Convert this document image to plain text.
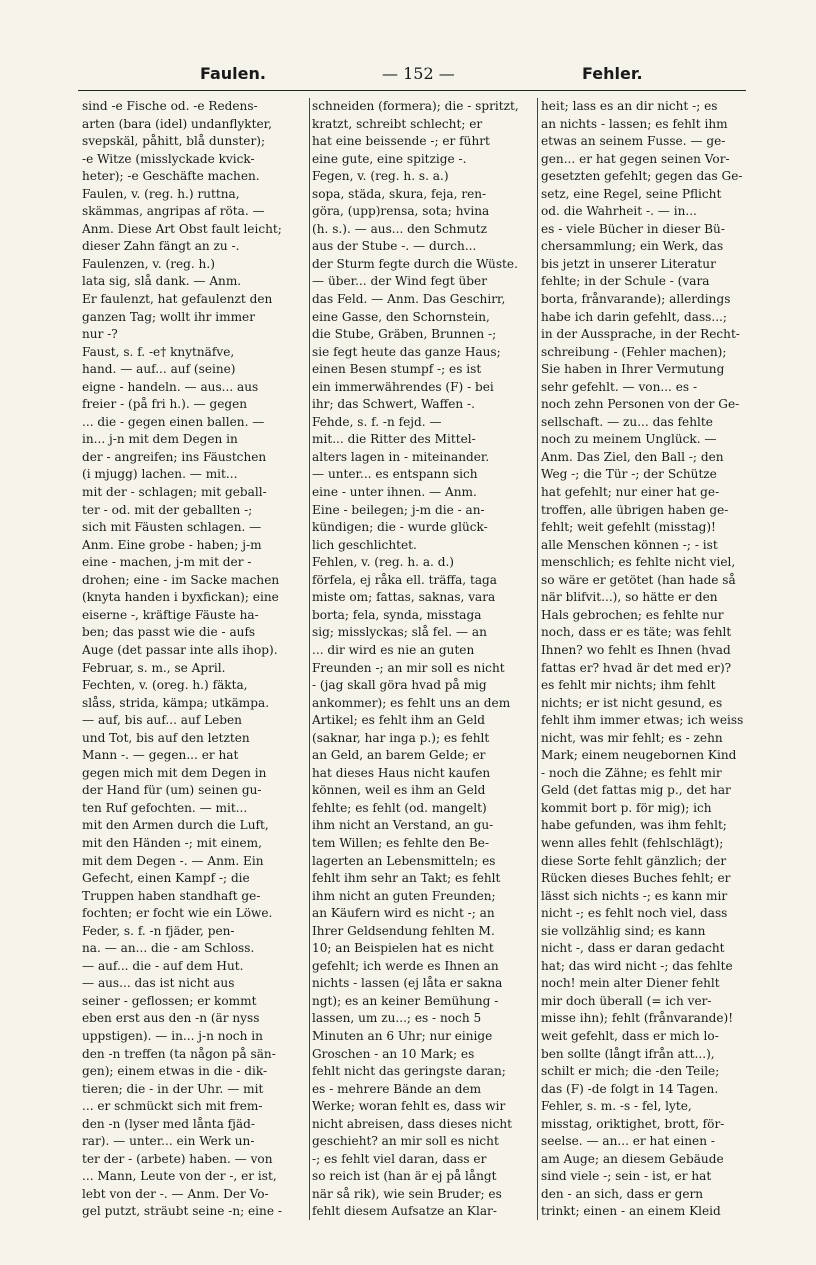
Faulen.	— 152 —	Fehler.

sind -e Fische od. -e Redens-
arten (bara (idel) undanflykter,
svepskäl, påhitt, blå dunster);
-e Witze (misslyckade kvick-
heter); -e Geschäfte machen.
Faulen, v. (reg. h.) ruttna,
skämmas, angripas af röta. —
Anm. Diese Art Obst fault leicht;
dieser Zahn fängt an zu -.
Faulenzen, v. (reg. h.)
lata sig, slå dank. — Anm.
Er faulenzt, hat gefaulenzt den
ganzen Tag; wollt ihr immer
nur -?
Faust, s. f. -e† knytnäfve,
hand. — auf... auf (seine)
eigne - handeln. — aus... aus
freier - (på fri h.). — gegen
... die - gegen einen ballen. —
in... j-n mit dem Degen in
der - angreifen; ins Fäustchen
(i mjugg) lachen. — mit...
mit der - schlagen; mit geball-
ter - od. mit der geballten -;
sich mit Fäusten schlagen. —
Anm. Eine grobe - haben; j-m
eine - machen, j-m mit der -
drohen; eine - im Sacke machen
(knyta handen i byxfickan); eine
eiserne -, kräftige Fäuste ha-
ben; das passt wie die - aufs
Auge (det passar inte alls ihop).
Februar, s. m., se April.
Fechten, v. (oreg. h.) fäkta,
slåss, strida, kämpa; utkämpa.
— auf, bis auf... auf Leben
und Tot, bis auf den letzten
Mann -. — gegen... er hat
gegen mich mit dem Degen in
der Hand für (um) seinen gu-
ten Ruf gefochten. — mit...
mit den Armen durch die Luft,
mit den Händen -; mit einem,
mit dem Degen -. — Anm. Ein
Gefecht, einen Kampf -; die
Truppen haben standhaft ge-
fochten; er focht wie ein Löwe.
Feder, s. f. -n fjäder, pen-
na. — an... die - am Schloss.
— auf... die - auf dem Hut.
— aus... das ist nicht aus
seiner - geflossen; er kommt
eben erst aus den -n (är nyss
uppstigen). — in... j-n noch in
den -n treffen (ta någon på sän-
gen); einem etwas in die - dik-
tieren; die - in der Uhr. — mit
... er schmückt sich mit frem-
den -n (lyser med lånta fjäd-
rar). — unter... ein Werk un-
ter der - (arbete) haben. — von
... Mann, Leute von der -, er ist,
lebt von der -. — Anm. Der Vo-
gel putzt, sträubt seine -n; eine -

schneiden (formera); die - spritzt,
kratzt, schreibt schlecht; er
hat eine beissende -; er führt
eine gute, eine spitzige -.
Fegen, v. (reg. h. s. a.)
sopa, städa, skura, feja, ren-
göra, (upp)rensa, sota; hvina
(h. s.). — aus... den Schmutz
aus der Stube -. — durch...
der Sturm fegte durch die Wüste.
— über... der Wind fegt über
das Feld. — Anm. Das Geschirr,
eine Gasse, den Schornstein,
die Stube, Gräben, Brunnen -;
sie fegt heute das ganze Haus;
einen Besen stumpf -; es ist
ein immerwährendes (F) - bei
ihr; das Schwert, Waffen -.
Fehde, s. f. -n fejd. —
mit... die Ritter des Mittel-
alters lagen in - miteinander.
— unter... es entspann sich
eine - unter ihnen. — Anm.
Eine - beilegen; j-m die - an-
kündigen; die - wurde glück-
lich geschlichtet.
Fehlen, v. (reg. h. a. d.)
förfela, ej råka ell. träffa, taga
miste om; fattas, saknas, vara
borta; fela, synda, misstaga
sig; misslyckas; slå fel. — an
... dir wird es nie an guten
Freunden -; an mir soll es nicht
- (jag skall göra hvad på mig
ankommer); es fehlt uns an dem
Artikel; es fehlt ihm an Geld
(saknar, har inga p.); es fehlt
an Geld, an barem Gelde; er
hat dieses Haus nicht kaufen
können, weil es ihm an Geld
fehlte; es fehlt (od. mangelt)
ihm nicht an Verstand, an gu-
tem Willen; es fehlte den Be-
lagerten an Lebensmitteln; es
fehlt ihm sehr an Takt; es fehlt
ihm nicht an guten Freunden;
an Käufern wird es nicht -; an
Ihrer Geldsendung fehlten M.
10; an Beispielen hat es nicht
gefehlt; ich werde es Ihnen an
nichts - lassen (ej låta er sakna
ngt); es an keiner Bemühung -
lassen, um zu...; es - noch 5
Minuten an 6 Uhr; nur einige
Groschen - an 10 Mark; es
fehlt nicht das geringste daran;
es - mehrere Bände an dem
Werke; woran fehlt es, dass wir
nicht abreisen, dass dieses nicht
geschieht? an mir soll es nicht
-; es fehlt viel daran, dass er
so reich ist (han är ej på långt
när så rik), wie sein Bruder; es
fehlt diesem Aufsatze an Klar-

heit; lass es an dir nicht -; es
an nichts - lassen; es fehlt ihm
etwas an seinem Fusse. — ge-
gen... er hat gegen seinen Vor-
gesetzten gefehlt; gegen das Ge-
setz, eine Regel, seine Pflicht
od. die Wahrheit -. — in...
es - viele Bücher in dieser Bü-
chersammlung; ein Werk, das
bis jetzt in unserer Literatur
fehlte; in der Schule - (vara
borta, frånvarande); allerdings
habe ich darin gefehlt, dass...;
in der Aussprache, in der Recht-
schreibung - (Fehler machen);
Sie haben in Ihrer Vermutung
sehr gefehlt. — von... es -
noch zehn Personen von der Ge-
sellschaft. — zu... das fehlte
noch zu meinem Unglück. —
Anm. Das Ziel, den Ball -; den
Weg -; die Tür -; der Schütze
hat gefehlt; nur einer hat ge-
troffen, alle übrigen haben ge-
fehlt; weit gefehlt (misstag)!
alle Menschen können -; - ist
menschlich; es fehlte nicht viel,
so wäre er getötet (han hade så
när blifvit...), so hätte er den
Hals gebrochen; es fehlte nur
noch, dass er es täte; was fehlt
Ihnen? wo fehlt es Ihnen (hvad
fattas er? hvad är det med er)?
es fehlt mir nichts; ihm fehlt
nichts; er ist nicht gesund, es
fehlt ihm immer etwas; ich weiss
nicht, was mir fehlt; es - zehn
Mark; einem neugebornen Kind
- noch die Zähne; es fehlt mir
Geld (det fattas mig p., det har
kommit bort p. för mig); ich
habe gefunden, was ihm fehlt;
wenn alles fehlt (fehlschlägt);
diese Sorte fehlt gänzlich; der
Rücken dieses Buches fehlt; er
lässt sich nichts -; es kann mir
nicht -; es fehlt noch viel, dass
sie vollzählig sind; es kann
nicht -, dass er daran gedacht
hat; das wird nicht -; das fehlte
noch! mein alter Diener fehlt
mir doch überall (= ich ver-
misse ihn); fehlt (frånvarande)!
weit gefehlt, dass er mich lo-
ben sollte (långt ifrån att...),
schilt er mich; die -den Teile;
das (F) -de folgt in 14 Tagen.
Fehler, s. m. -s - fel, lyte,
misstag, oriktighet, brott, för-
seelse. — an... er hat einen -
am Auge; an diesem Gebäude
sind viele -; sein - ist, er hat
den - an sich, dass er gern
trinkt; einen - an einem Kleid
